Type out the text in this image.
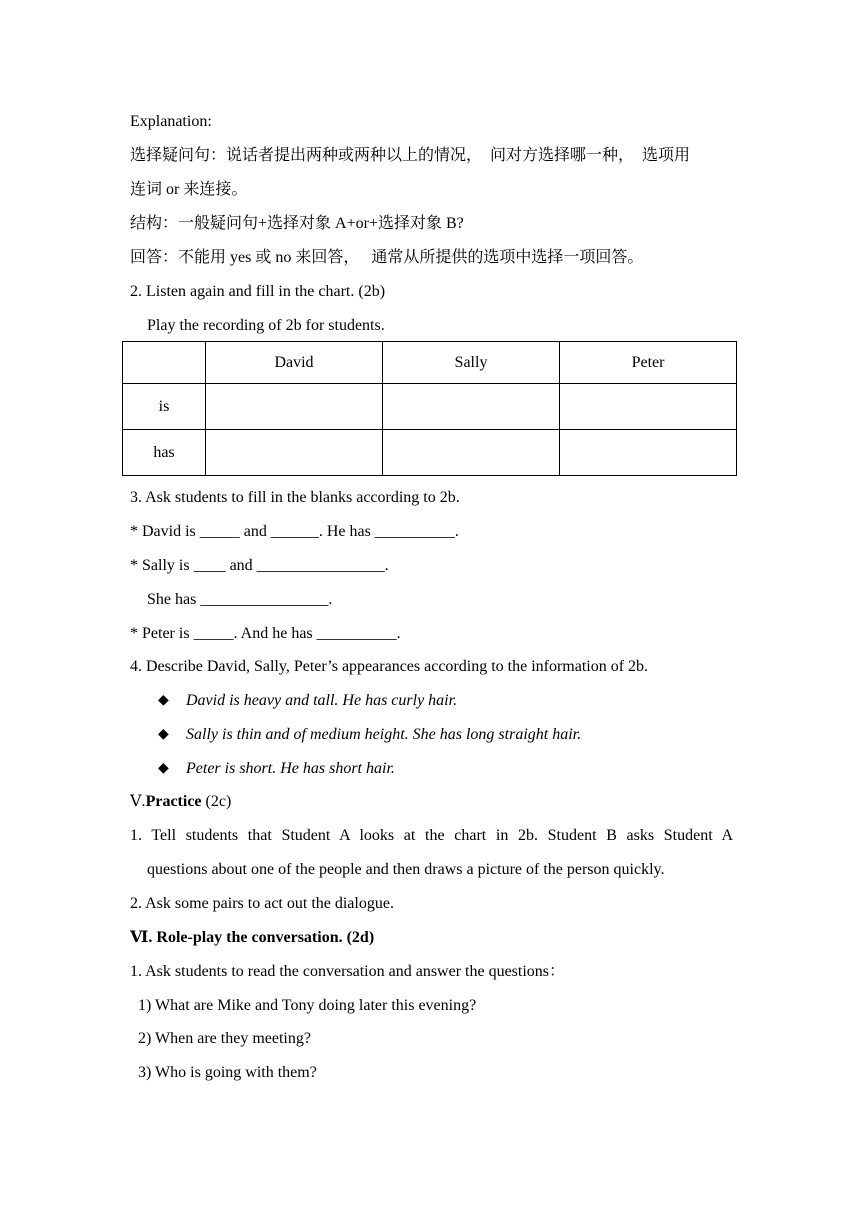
Explanation:
选择疑问句：说话者提出两种或两种以上的情况，  问对方选择哪一种，  选项用
连词 or 来连接。
结构：一般疑问句+选择对象 A+or+选择对象 B?
回答：不能用 yes 或 no 来回答，   通常从所提供的选项中选择一项回答。
2. Listen again and fill in the chart. (2b)
Play the recording of 2b for students.
	David	Sally	Peter
is			
has			
3. Ask students to fill in the blanks according to 2b.
* David is _____ and ______. He has __________.
* Sally is ____ and ________________.
She has ________________.
* Peter is _____. And he has __________.
4. Describe David, Sally, Peter’s appearances according to the information of 2b.
◆ David is heavy and tall. He has curly hair.
◆ Sally is thin and of medium height. She has long straight hair.
◆ Peter is short. He has short hair.
Ⅴ.Practice (2c)
1. Tell students that Student A looks at the chart in 2b. Student B asks Student A
questions about one of the people and then draws a picture of the person quickly.
2. Ask some pairs to act out the dialogue.
Ⅵ. Role-play the conversation. (2d)
1. Ask students to read the conversation and answer the questions：
1) What are Mike and Tony doing later this evening?
2) When are they meeting?
3) Who is going with them?
